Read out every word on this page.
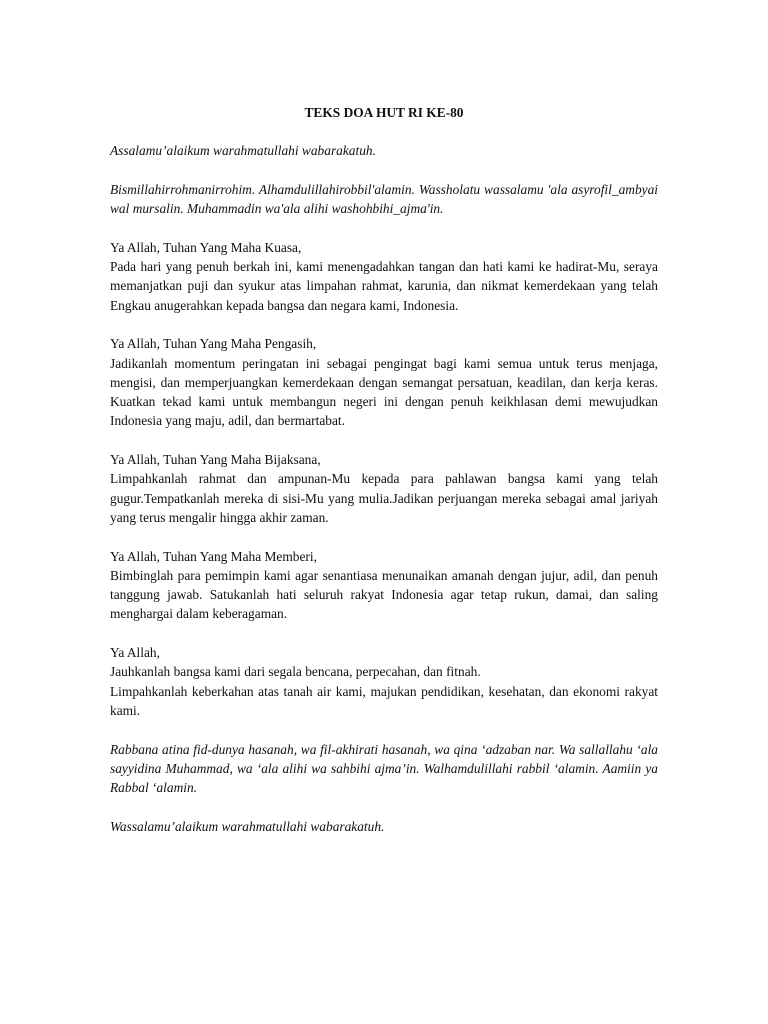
TEKS DOA HUT RI KE-80

Assalamu’alaikum warahmatullahi wabarakatuh.

Bismillahirrohmanirrohim. Alhamdulillahirobbil'alamin. Wassholatu wassalamu 'ala asyrofil_ambyai wal mursalin. Muhammadin wa'ala alihi washohbihi_ajma'in.

Ya Allah, Tuhan Yang Maha Kuasa,
Pada hari yang penuh berkah ini, kami menengadahkan tangan dan hati kami ke hadirat-Mu, seraya memanjatkan puji dan syukur atas limpahan rahmat, karunia, dan nikmat kemerdekaan yang telah Engkau anugerahkan kepada bangsa dan negara kami, Indonesia.
Ya Allah, Tuhan Yang Maha Pengasih,
Jadikanlah momentum peringatan ini sebagai pengingat bagi kami semua untuk terus menjaga, mengisi, dan memperjuangkan kemerdekaan dengan semangat persatuan, keadilan, dan kerja keras. Kuatkan tekad kami untuk membangun negeri ini dengan penuh keikhlasan demi mewujudkan Indonesia yang maju, adil, dan bermartabat.
Ya Allah, Tuhan Yang Maha Bijaksana,
Limpahkanlah rahmat dan ampunan-Mu kepada para pahlawan bangsa kami yang telah gugur.Tempatkanlah mereka di sisi-Mu yang mulia.Jadikan perjuangan mereka sebagai amal jariyah yang terus mengalir hingga akhir zaman.
Ya Allah, Tuhan Yang Maha Memberi,
Bimbinglah para pemimpin kami agar senantiasa menunaikan amanah dengan jujur, adil, dan penuh tanggung jawab. Satukanlah hati seluruh rakyat Indonesia agar tetap rukun, damai, dan saling menghargai dalam keberagaman.
Ya Allah,
Jauhkanlah bangsa kami dari segala bencana, perpecahan, dan fitnah.
Limpahkanlah keberkahan atas tanah air kami, majukan pendidikan, kesehatan, dan ekonomi rakyat kami.

Rabbana atina fid-dunya hasanah, wa fil-akhirati hasanah, wa qina ‘adzaban nar. Wa sallallahu ‘ala sayyidina Muhammad, wa ‘ala alihi wa sahbihi ajma’in. Walhamdulillahi rabbil ‘alamin. Aamiin ya Rabbal ‘alamin.

Wassalamu’alaikum warahmatullahi wabarakatuh.
